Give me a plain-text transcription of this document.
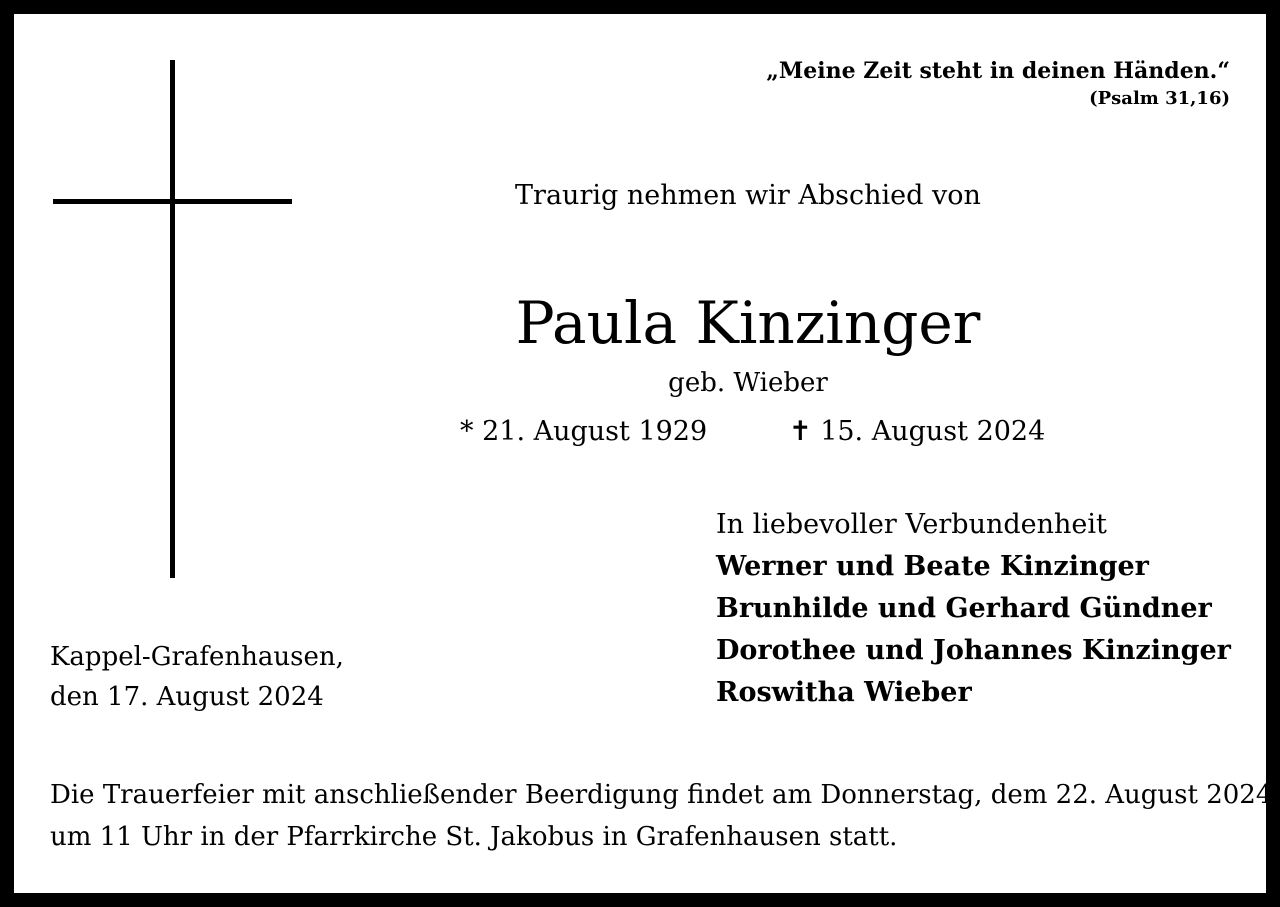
„Meine Zeit steht in deinen Händen.“
(Psalm 31,16)
Traurig nehmen wir Abschied von
Paula Kinzinger
geb. Wieber
* 21. August 1929	✝ 15. August 2024
In liebevoller Verbundenheit
Werner und Beate Kinzinger
Brunhilde und Gerhard Gündner
Dorothee und Johannes Kinzinger
Roswitha Wieber
Kappel-Grafenhausen,
den 17. August 2024
Die Trauerfeier mit anschließender Beerdigung findet am Donnerstag, dem 22. August 2024
um 11 Uhr in der Pfarrkirche St. Jakobus in Grafenhausen statt.
